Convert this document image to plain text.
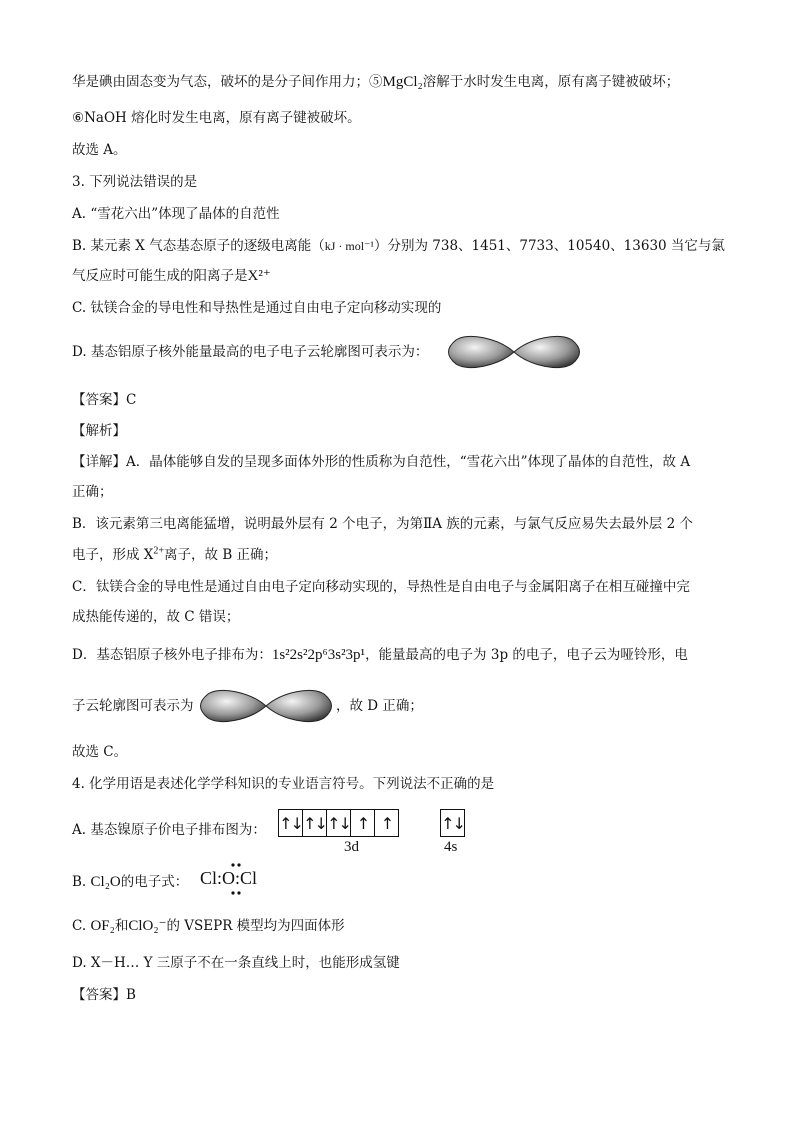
华是碘由固态变为气态，破坏的是分子间作用力；⑤MgCl₂溶解于水时发生电离，原有离子键被破坏；
⑥NaOH 熔化时发生电离，原有离子键被破坏。
故选 A。
3. 下列说法错误的是
A. “雪花六出”体现了晶体的自范性
B. 某元素 X 气态基态原子的逐级电离能（kJ · mol⁻¹）分别为 738、1451、7733、10540、13630 当它与氯
气反应时可能生成的阳离子是X²⁺
C. 钛镁合金的导电性和导热性是通过自由电子定向移动实现的
D. 基态铝原子核外能量最高的电子电子云轮廓图可表示为：
【答案】C
【解析】
【详解】A．晶体能够自发的呈现多面体外形的性质称为自范性，“雪花六出”体现了晶体的自范性，故 A
正确；
B．该元素第三电离能猛增，说明最外层有 2 个电子，为第ⅡA 族的元素，与氯气反应易失去最外层 2 个
电子，形成 $X^{2+}$离子，故 B 正确；
C．钛镁合金的导电性是通过自由电子定向移动实现的，导热性是自由电子与金属阳离子在相互碰撞中完
成热能传递的，故 C 错误；
D．基态铝原子核外电子排布为：1s²2s²2p⁶3s²3p¹，能量最高的电子为 3p 的电子，电子云为哑铃形，电
子云轮廓图可表示为	，故 D 正确；
故选 C。
4. 化学用语是表述化学学科知识的专业语言符号。下列说法不正确的是
A. 基态镍原子价电子排布图为： ↑↓ ↑↓ ↑↓ ↑ ↑	↑↓
3d	4s
B. Cl₂O的电子式： Cl:O:Cl
C. OF₂和ClO₂⁻的 VSEPR 模型均为四面体形
D. X－H… Y 三原子不在一条直线上时，也能形成氢键
【答案】B
